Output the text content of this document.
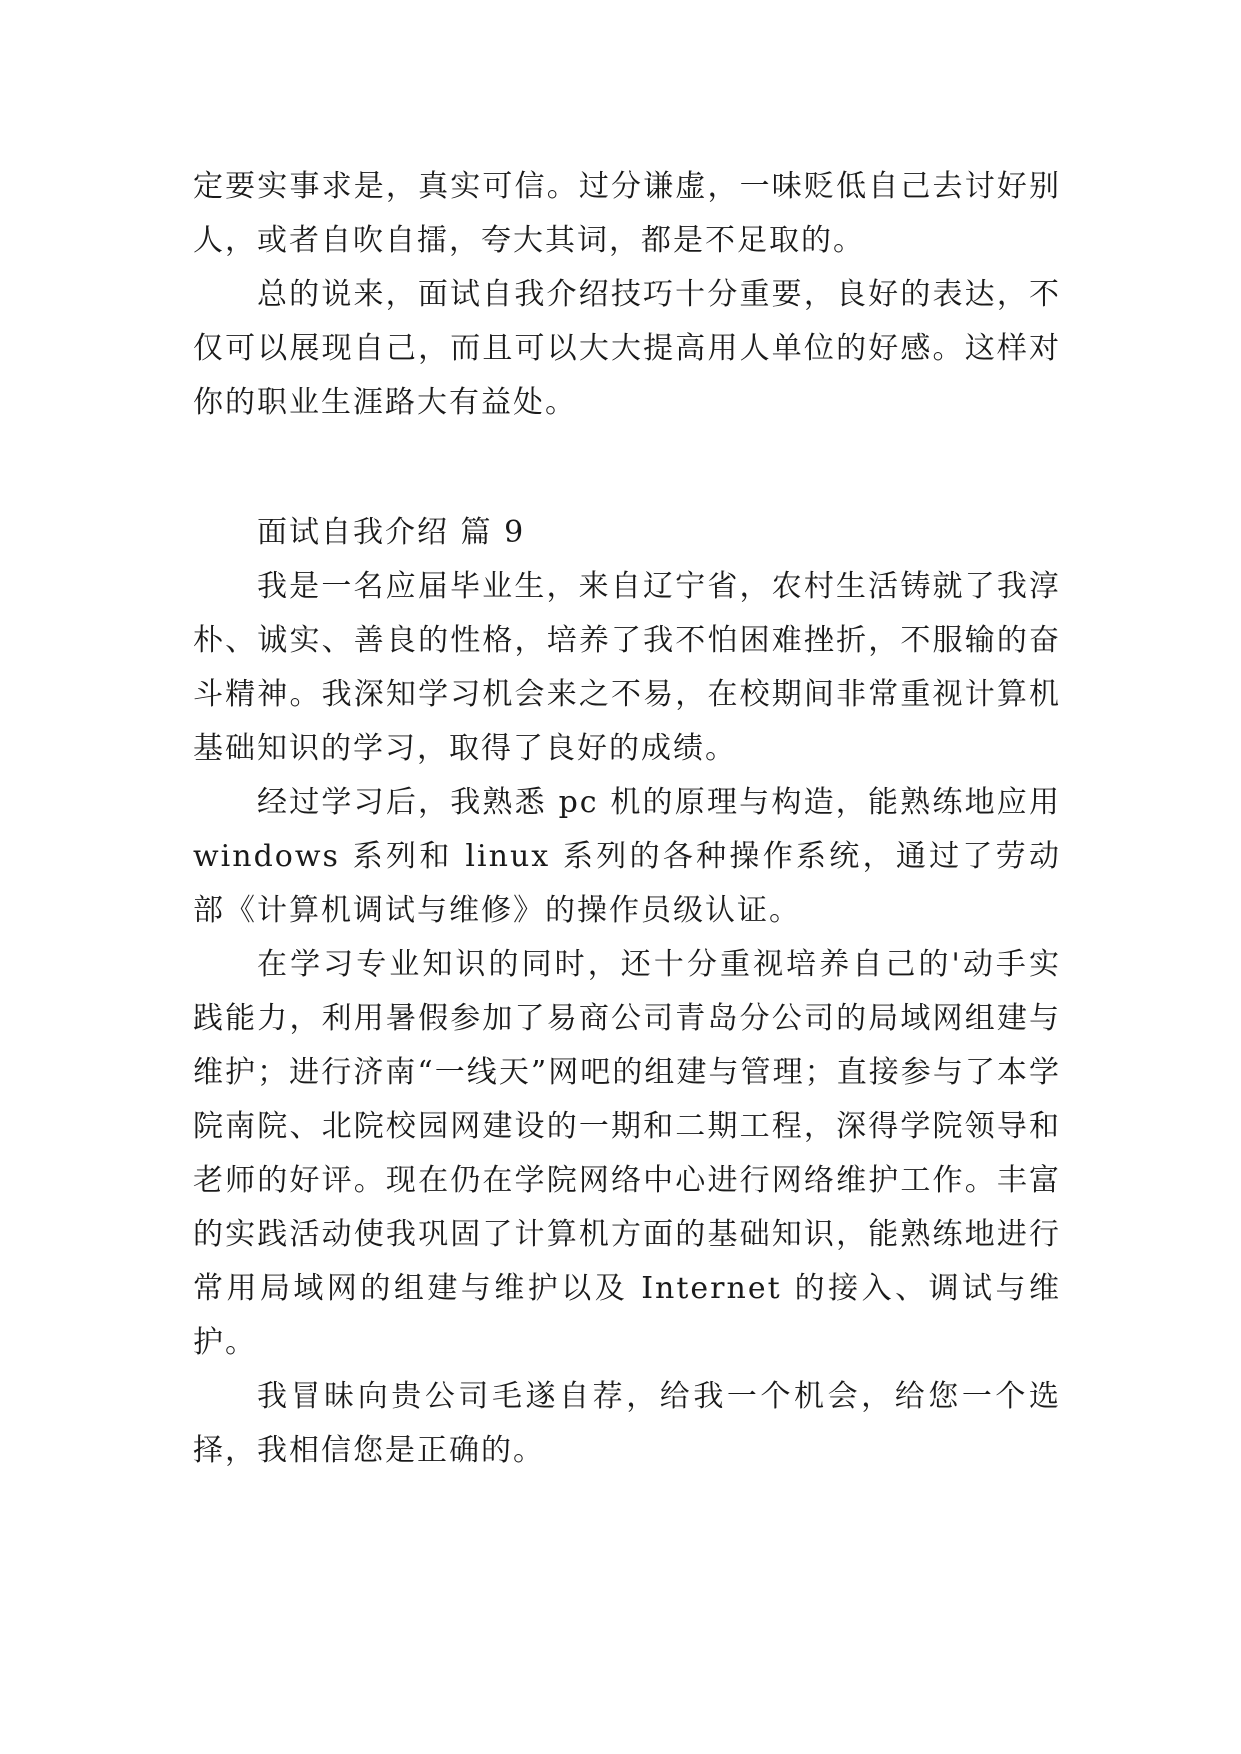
定要实事求是，真实可信。过分谦虚，一味贬低自己去讨好别人，或者自吹自擂，夸大其词，都是不足取的。

总的说来，面试自我介绍技巧十分重要，良好的表达，不仅可以展现自己，而且可以大大提高用人单位的好感。这样对你的职业生涯路大有益处。

面试自我介绍 篇 9

我是一名应届毕业生，来自辽宁省，农村生活铸就了我淳朴、诚实、善良的性格，培养了我不怕困难挫折，不服输的奋斗精神。我深知学习机会来之不易，在校期间非常重视计算机基础知识的学习，取得了良好的成绩。

经过学习后，我熟悉 pc 机的原理与构造，能熟练地应用 windows 系列和 linux 系列的各种操作系统，通过了劳动部《计算机调试与维修》的操作员级认证。

在学习专业知识的同时，还十分重视培养自己的'动手实践能力，利用暑假参加了易商公司青岛分公司的局域网组建与维护；进行济南“一线天”网吧的组建与管理；直接参与了本学院南院、北院校园网建设的一期和二期工程，深得学院领导和老师的好评。现在仍在学院网络中心进行网络维护工作。丰富的实践活动使我巩固了计算机方面的基础知识，能熟练地进行常用局域网的组建与维护以及 Internet 的接入、调试与维护。

我冒昧向贵公司毛遂自荐，给我一个机会，给您一个选择，我相信您是正确的。
